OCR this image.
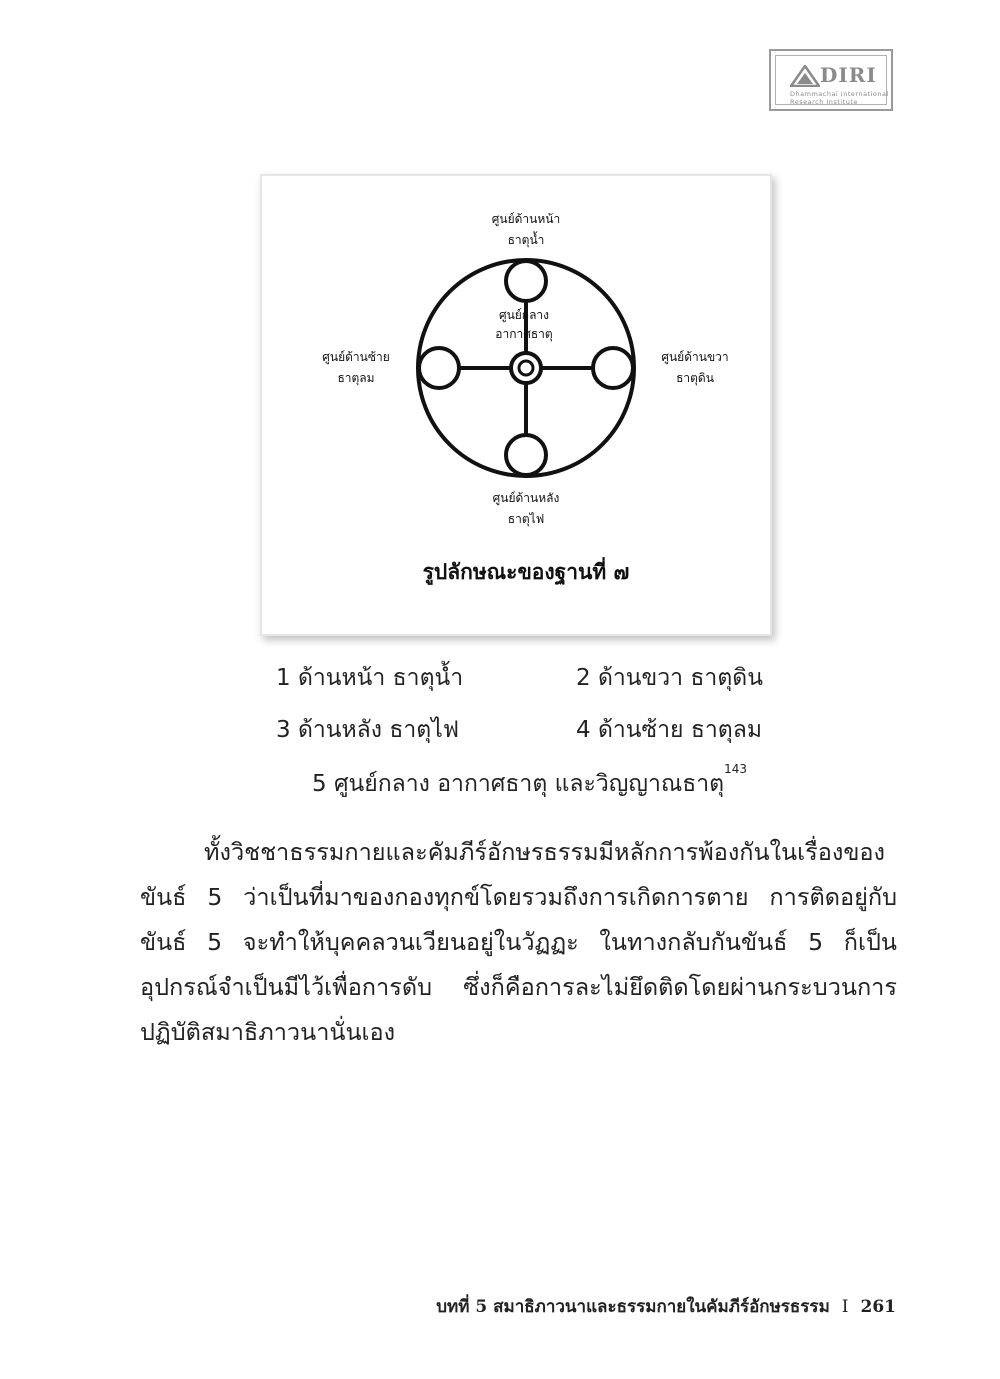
DIRI
Dhammachai International
Research Institute
ศูนย์ด้านหน้า
ธาตุน้ำ
ศูนย์กลาง
อากาศธาตุ
ศูนย์ด้านซ้าย
ธาตุลม
ศูนย์ด้านขวา
ธาตุดิน
ศูนย์ด้านหลัง
ธาตุไฟ
รูปลักษณะของฐานที่ ๗
1 ด้านหน้า ธาตุน้ำ	2 ด้านขวา ธาตุดิน
3 ด้านหลัง ธาตุไฟ	4 ด้านซ้าย ธาตุลม
5 ศูนย์กลาง อากาศธาตุ และวิญญาณธาตุ$^{143}$
ทั้งวิชชาธรรมกายและคัมภีร์อักษรธรรมมีหลักการพ้องกันในเรื่องของขันธ์ 5 ว่าเป็นที่มาของกองทุกข์โดยรวมถึงการเกิดการตาย การติดอยู่กับขันธ์ 5 จะทำให้บุคคลวนเวียนอยู่ในวัฏฏะ ในทางกลับกันขันธ์ 5 ก็เป็นอุปกรณ์จำเป็นมีไว้เพื่อการดับ ซึ่งก็คือการละไม่ยึดติดโดยผ่านกระบวนการปฏิบัติสมาธิภาวนานั่นเอง
บทที่ 5 สมาธิภาวนาและธรรมกายในคัมภีร์อักษรธรรม I 261
